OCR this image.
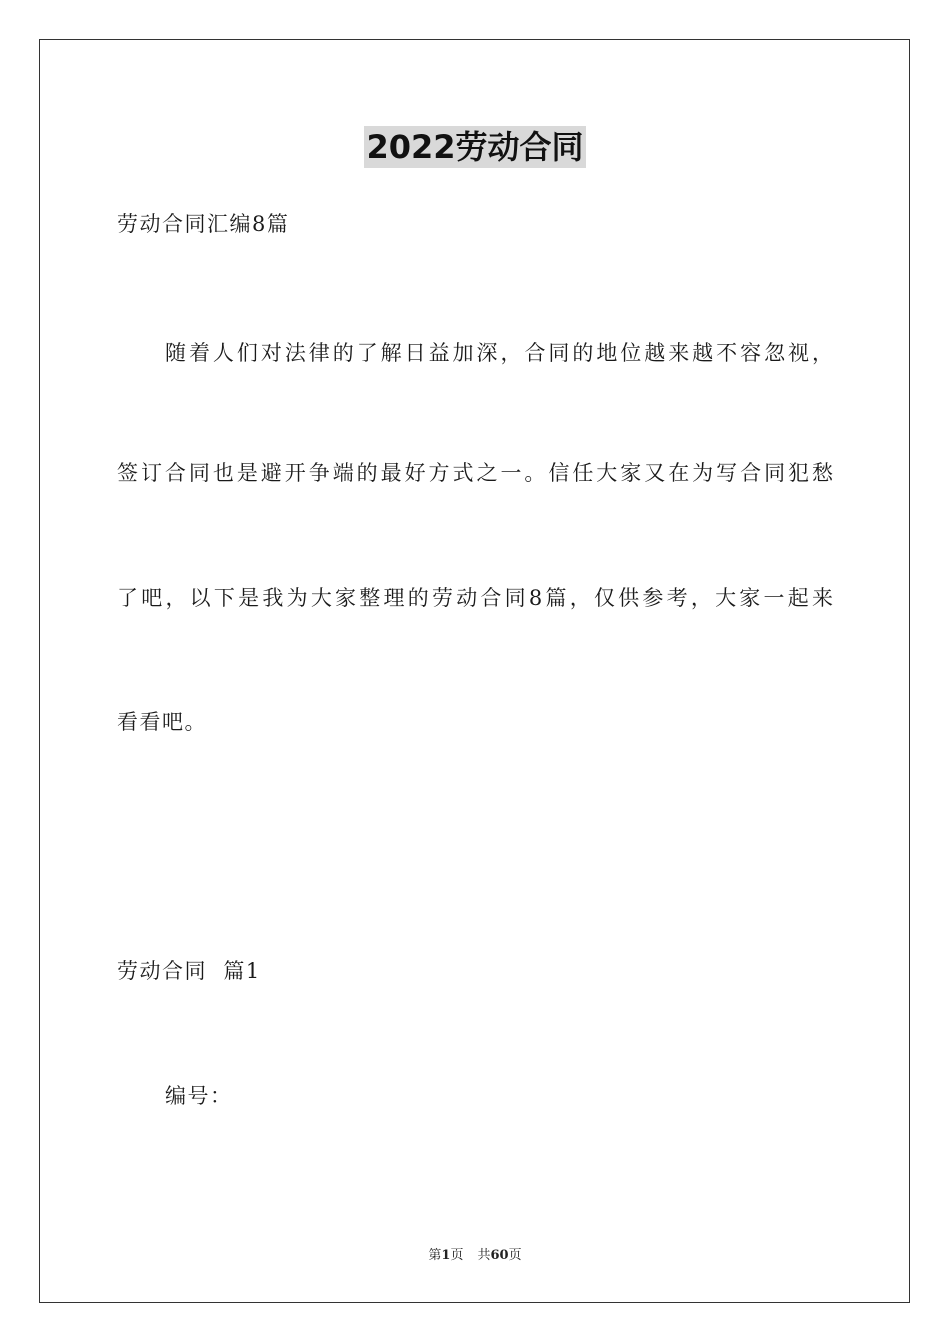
2022劳动合同
劳动合同汇编8篇
随着人们对法律的了解日益加深，合同的地位越来越不容忽视，
签订合同也是避开争端的最好方式之一。信任大家又在为写合同犯愁
了吧，以下是我为大家整理的劳动合同8篇，仅供参考，大家一起来
看看吧。
劳动合同  篇1
编号：
第1页 共60页
